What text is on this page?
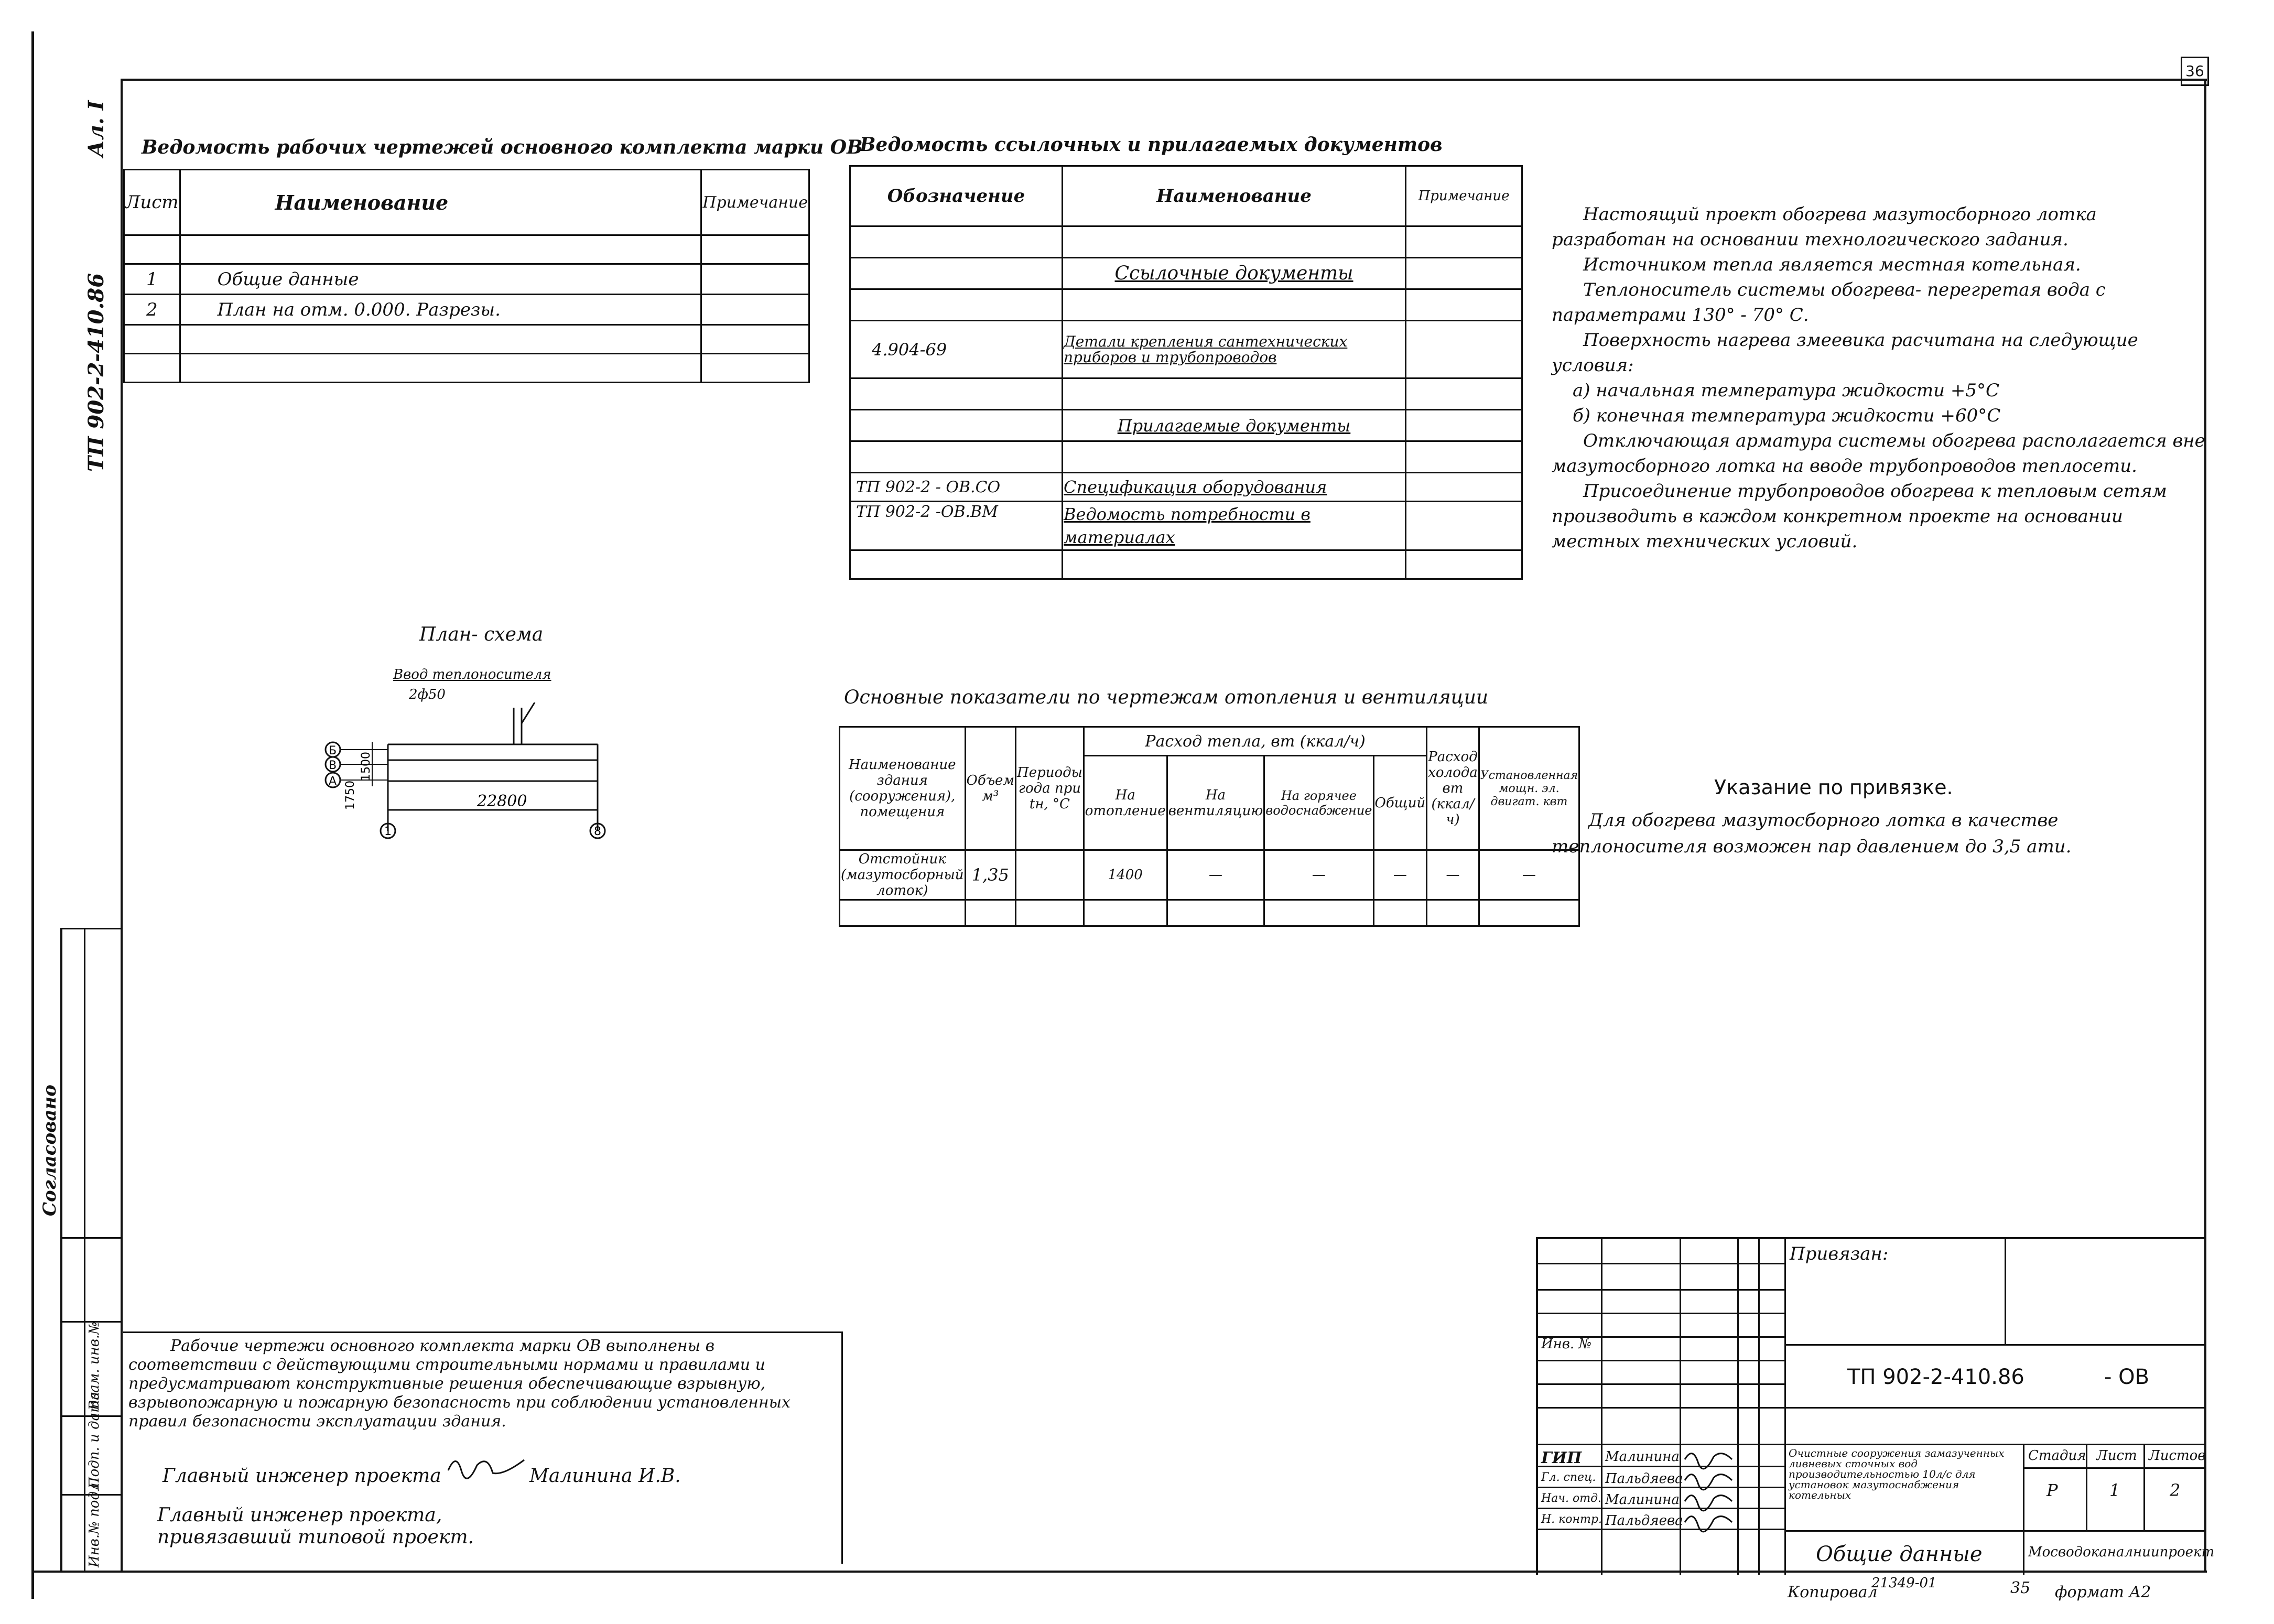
Ал. I
ТП 902-2-410.86
Согласовано
Инв.№ подл.
Подп. и дата
Взам. инв.№
36
Ведомость рабочих чертежей основного комплекта марки ОВ
Лист	Наименование	Примечание

1	Общие данные	
2	План на отм. 0.000. Разрезы.	

Ведомость ссылочных и прилагаемых документов
Обозначение	Наименование	Примечание

	Ссылочные документы	

4.904-69	Детали крепления сантехнических приборов и трубопроводов	

	Прилагаемые документы	

ТП 902-2 - ОВ.СО	Спецификация оборудования	
ТП 902-2 -ОВ.ВМ	Ведомость потребности в материалах	

Настоящий проект обогрева мазутосборного лотка разработан на основании технологического задания.
Источником тепла является местная котельная.
Теплоноситель системы обогрева- перегретая вода с параметрами 130° - 70° С.
Поверхность нагрева змеевика расчитана на следующие условия:
а) начальная температура жидкости +5°С
б) конечная температура жидкости +60°С
Отключающая арматура системы обогрева располагается вне мазутосборного лотка на вводе трубопроводов теплосети.
Присоединение трубопроводов обогрева к тепловым сетям производить в каждом конкретном проекте на основании местных технических условий.
Указание по привязке.
Для обогрева мазутосборного лотка в качестве теплоносителя возможен пар давлением до 3,5 ати.
План- схема
Ввод теплоносителя
2ф50
Б
В
А
1	8
22800
1750
1500
Основные показатели по чертежам отопления и вентиляции
Наименование здания (сооружения), помещения	Объем м³	Периоды года при tн, °С	Расход тепла, вт (ккал/ч)				Расход холода вт (ккал/ч)	Установленная мощн. эл. двигат. квт
			На отопление	На вентиляцию	На горячее водоснабжение	Общий		
Отстойник (мазутосборный лоток)	1,35		1400	—	—	—	—	—

Рабочие чертежи основного комплекта марки ОВ выполнены в соответствии с действующими строительными нормами и правилами и предусматривают конструктивные решения обеспечивающие взрывную, взрывопожарную и пожарную безопасность при соблюдении установленных правил безопасности эксплуатации здания.
Главный инженер проекта	Малинина И.В.
Главный инженер проекта, привязавший типовой проект.
Инв. №
Привязан:
ТП 902-2-410.86	- ОВ
ГИП Малинина
Гл. спец. Пальдяева
Нач. отд. Малинина
Н. контр. Пальдяева
Очистные сооружения замазученных ливневых сточных вод производительностью 10л/с для установок мазутоснабжения котельных
Стадия Лист Листов
Р	1	2
Общие данные	Мосводоканалниипроект
Копировал
21349-01	35 формат А2
